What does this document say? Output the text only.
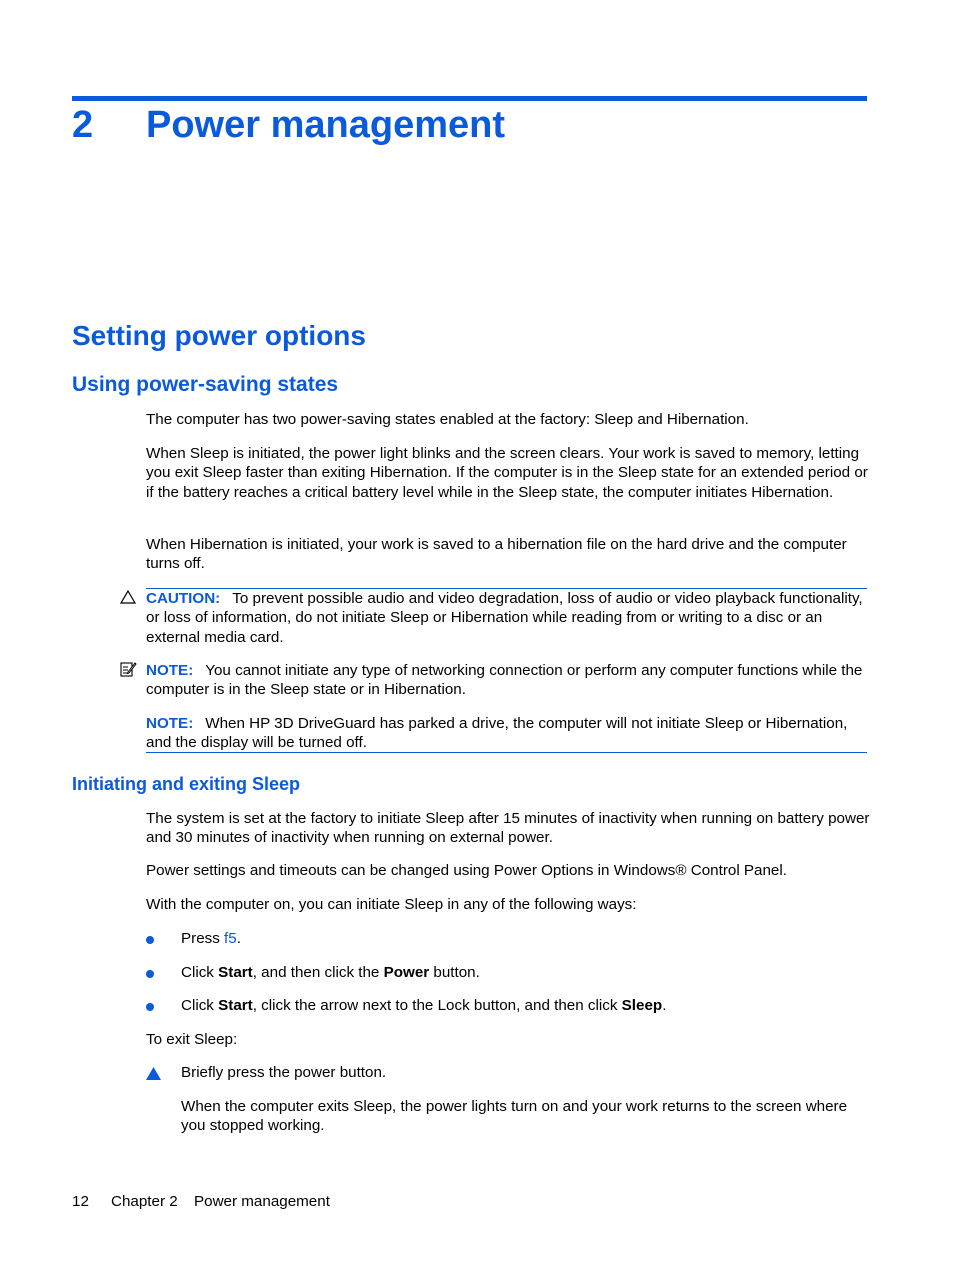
2 Power management
Setting power options
Using power-saving states
The computer has two power-saving states enabled at the factory: Sleep and Hibernation.
When Sleep is initiated, the power light blinks and the screen clears. Your work is saved to memory, letting you exit Sleep faster than exiting Hibernation. If the computer is in the Sleep state for an extended period or if the battery reaches a critical battery level while in the Sleep state, the computer initiates Hibernation.
When Hibernation is initiated, your work is saved to a hibernation file on the hard drive and the computer turns off.
CAUTION: To prevent possible audio and video degradation, loss of audio or video playback functionality, or loss of information, do not initiate Sleep or Hibernation while reading from or writing to a disc or an external media card.
NOTE: You cannot initiate any type of networking connection or perform any computer functions while the computer is in the Sleep state or in Hibernation.
NOTE: When HP 3D DriveGuard has parked a drive, the computer will not initiate Sleep or Hibernation, and the display will be turned off.
Initiating and exiting Sleep
The system is set at the factory to initiate Sleep after 15 minutes of inactivity when running on battery power and 30 minutes of inactivity when running on external power.
Power settings and timeouts can be changed using Power Options in Windows® Control Panel.
With the computer on, you can initiate Sleep in any of the following ways:
Press f5.
Click Start, and then click the Power button.
Click Start, click the arrow next to the Lock button, and then click Sleep.
To exit Sleep:
Briefly press the power button.
When the computer exits Sleep, the power lights turn on and your work returns to the screen where you stopped working.
12 Chapter 2 Power management
